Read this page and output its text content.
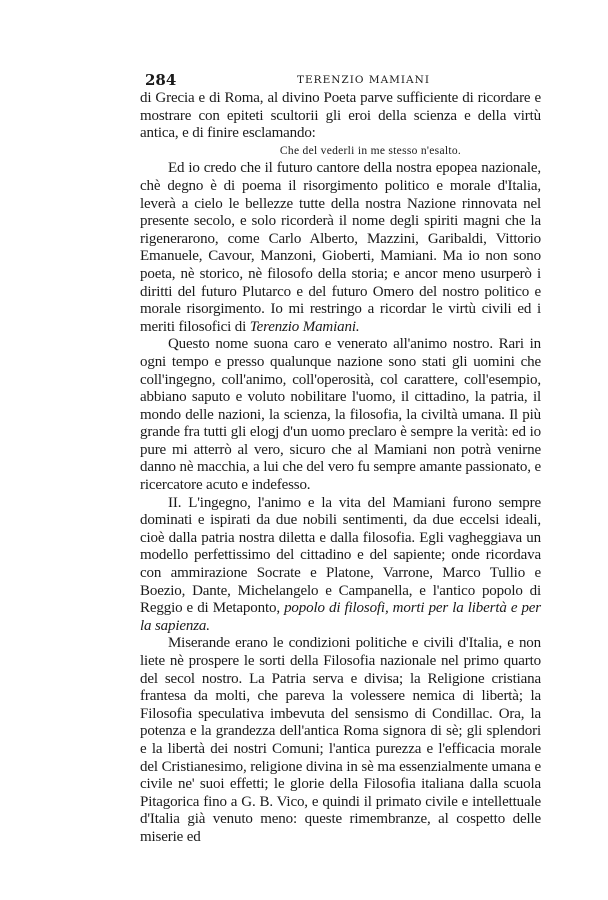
284	TERENZIO MAMIANI

di Grecia e di Roma, al divino Poeta parve sufficiente di ricordare e mostrare con epiteti scultorii gli eroi della scienza e della virtù antica, e di finire esclamando:

Che del vederli in me stesso n'esalto.

Ed io credo che il futuro cantore della nostra epopea nazionale, chè degno è di poema il risorgimento politico e morale d'Italia, leverà a cielo le bellezze tutte della nostra Nazione rinnovata nel presente secolo, e solo ricorderà il nome degli spiriti magni che la rigenerarono, come Carlo Alberto, Mazzini, Garibaldi, Vittorio Emanuele, Cavour, Manzoni, Gioberti, Mamiani. Ma io non sono poeta, nè storico, nè filosofo della storia; e ancor meno usurperò i diritti del futuro Plutarco e del futuro Omero del nostro politico e morale risorgimento. Io mi restringo a ricordar le virtù civili ed i meriti filosofici di Terenzio Mamiani.

Questo nome suona caro e venerato all'animo nostro. Rari in ogni tempo e presso qualunque nazione sono stati gli uomini che coll'ingegno, coll'animo, coll'operosità, col carattere, coll'esempio, abbiano saputo e voluto nobilitare l'uomo, il cittadino, la patria, il mondo delle nazioni, la scienza, la filosofia, la civiltà umana. Il più grande fra tutti gli elogj d'un uomo preclaro è sempre la verità: ed io pure mi atterrò al vero, sicuro che al Mamiani non potrà venirne danno nè macchia, a lui che del vero fu sempre amante passionato, e ricercatore acuto e indefesso.

II. L'ingegno, l'animo e la vita del Mamiani furono sempre dominati e ispirati da due nobili sentimenti, da due eccelsi ideali, cioè dalla patria nostra diletta e dalla filosofia. Egli vagheggiava un modello perfettissimo del cittadino e del sapiente; onde ricordava con ammirazione Socrate e Platone, Varrone, Marco Tullio e Boezio, Dante, Michelangelo e Campanella, e l'antico popolo di Reggio e di Metaponto, popolo di filosofi, morti per la libertà e per la sapienza.

Miserande erano le condizioni politiche e civili d'Italia, e non liete nè prospere le sorti della Filosofia nazionale nel primo quarto del secol nostro. La Patria serva e divisa; la Religione cristiana frantesa da molti, che pareva la volessere nemica di libertà; la Filosofia speculativa imbevuta del sensismo di Condillac. Ora, la potenza e la grandezza dell'antica Roma signora di sè; gli splendori e la libertà dei nostri Comuni; l'antica purezza e l'efficacia morale del Cristianesimo, religione divina in sè ma essenzialmente umana e civile ne' suoi effetti; le glorie della Filosofia italiana dalla scuola Pitagorica fino a G. B. Vico, e quindi il primato civile e intellettuale d'Italia già venuto meno: queste rimembranze, al cospetto delle miserie ed
